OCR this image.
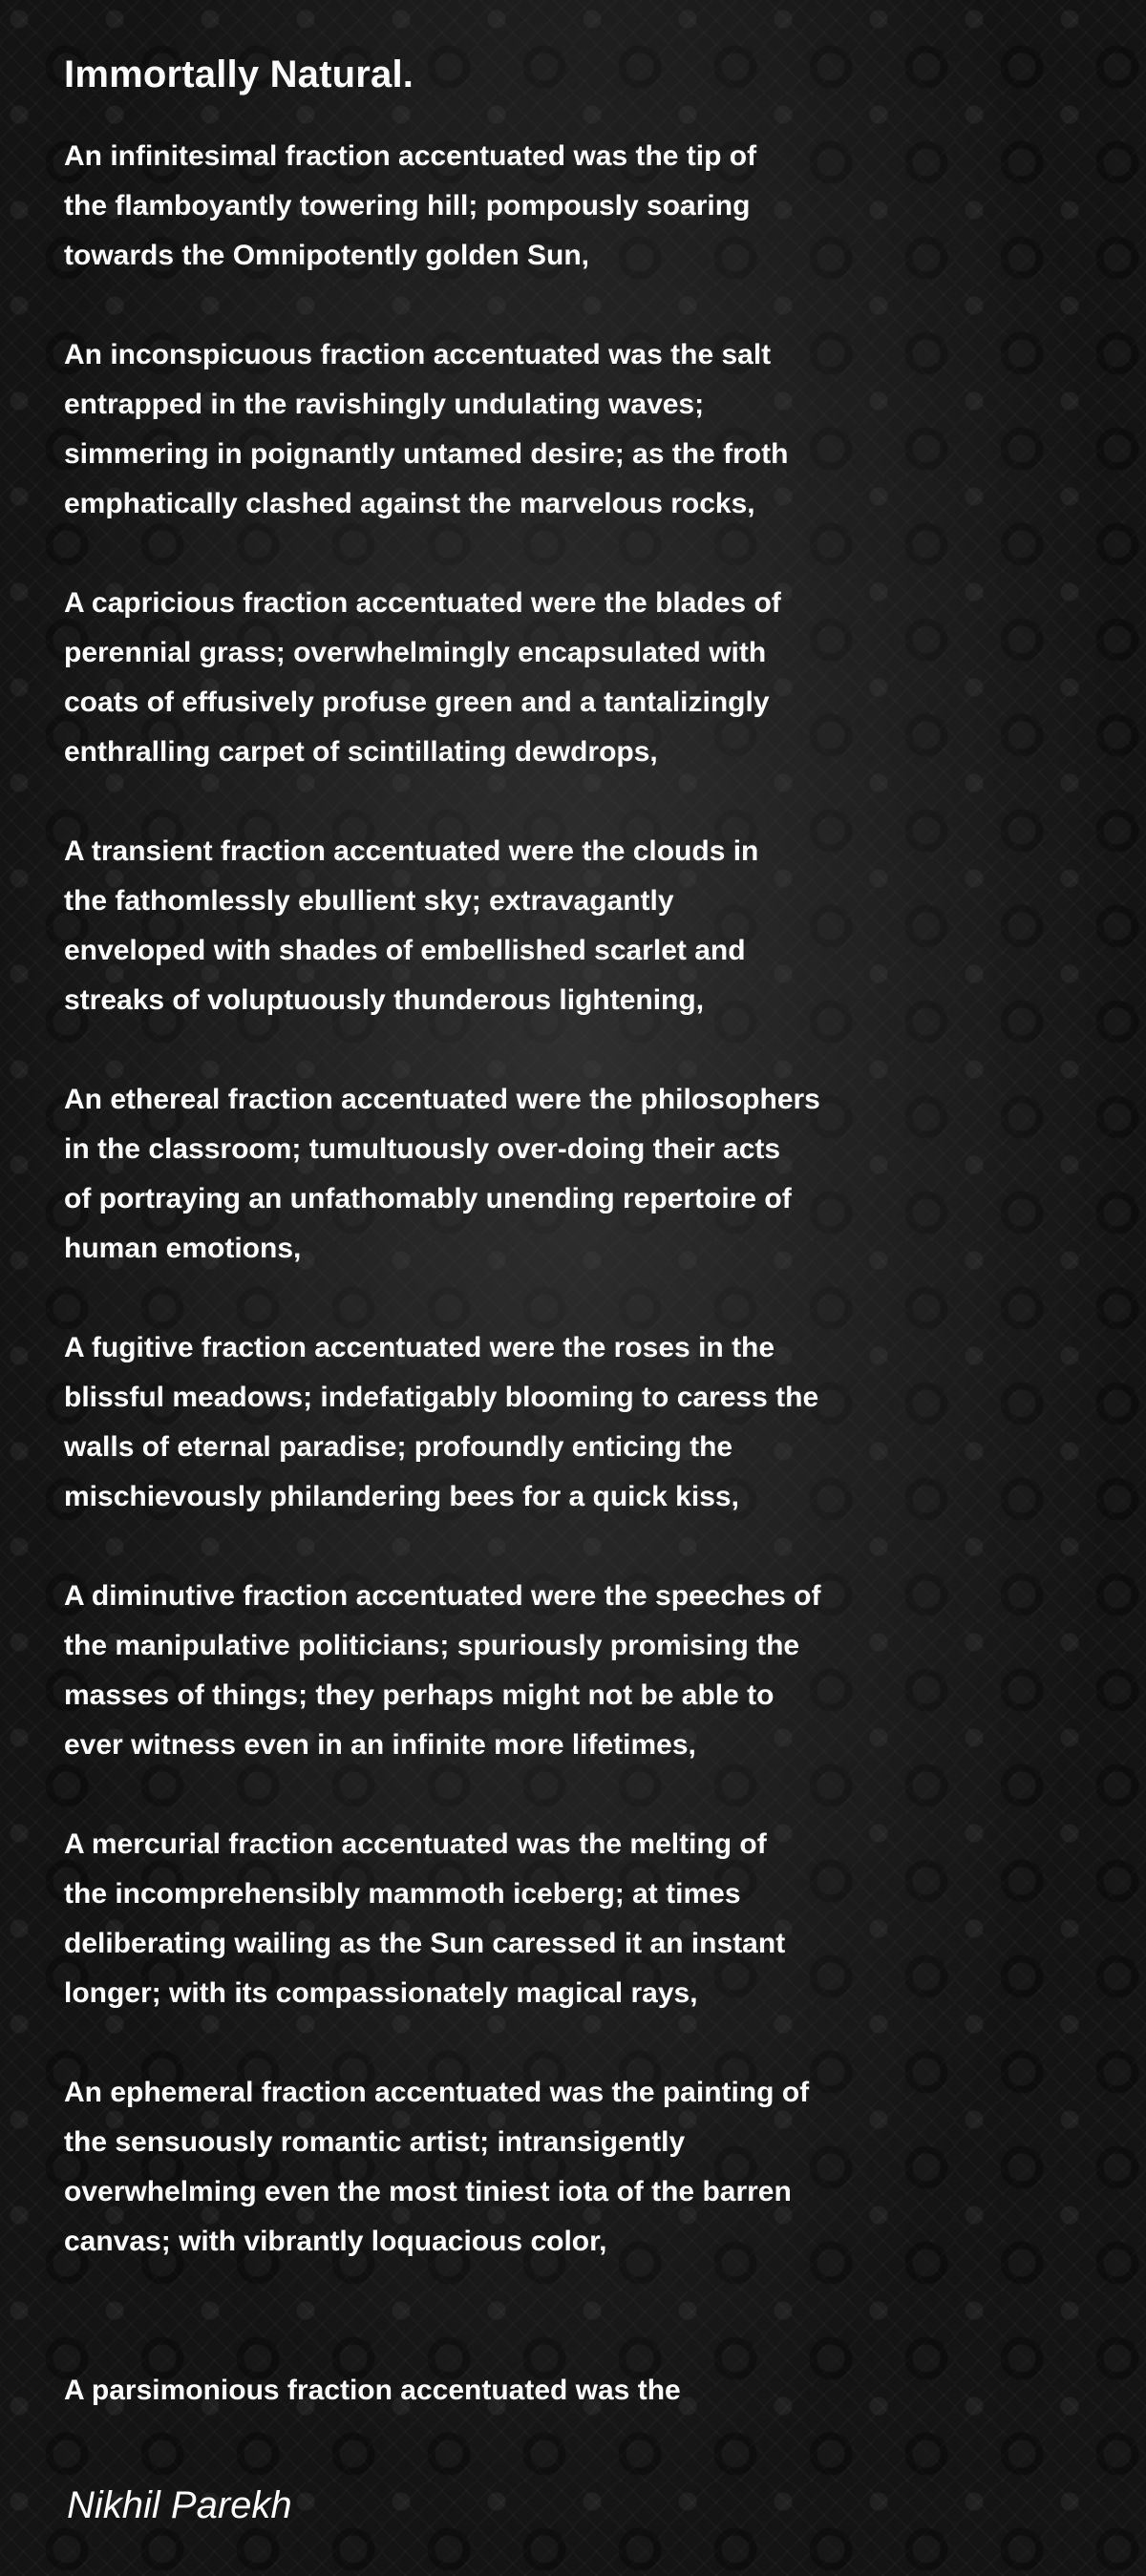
Immortally Natural.
An infinitesimal fraction accentuated was the tip of
the flamboyantly towering hill; pompously soaring
towards the Omnipotently golden Sun,
An inconspicuous fraction accentuated was the salt
entrapped in the ravishingly undulating waves;
simmering in poignantly untamed desire; as the froth
emphatically clashed against the marvelous rocks,
A capricious fraction accentuated were the blades of
perennial grass; overwhelmingly encapsulated with
coats of effusively profuse green and a tantalizingly
enthralling carpet of scintillating dewdrops,
A transient fraction accentuated were the clouds in
the fathomlessly ebullient sky; extravagantly
enveloped with shades of embellished scarlet and
streaks of voluptuously thunderous lightening,
An ethereal fraction accentuated were the philosophers
in the classroom; tumultuously over-doing their acts
of portraying an unfathomably unending repertoire of
human emotions,
A fugitive fraction accentuated were the roses in the
blissful meadows; indefatigably blooming to caress the
walls of eternal paradise; profoundly enticing the
mischievously philandering bees for a quick kiss,
A diminutive fraction accentuated were the speeches of
the manipulative politicians; spuriously promising the
masses of things; they perhaps might not be able to
ever witness even in an infinite more lifetimes,
A mercurial fraction accentuated was the melting of
the incomprehensibly mammoth iceberg; at times
deliberating wailing as the Sun caressed it an instant
longer; with its compassionately magical rays,
An ephemeral fraction accentuated was the painting of
the sensuously romantic artist; intransigently
overwhelming even the most tiniest iota of the barren
canvas; with vibrantly loquacious color,
A parsimonious fraction accentuated was the
Nikhil Parekh
